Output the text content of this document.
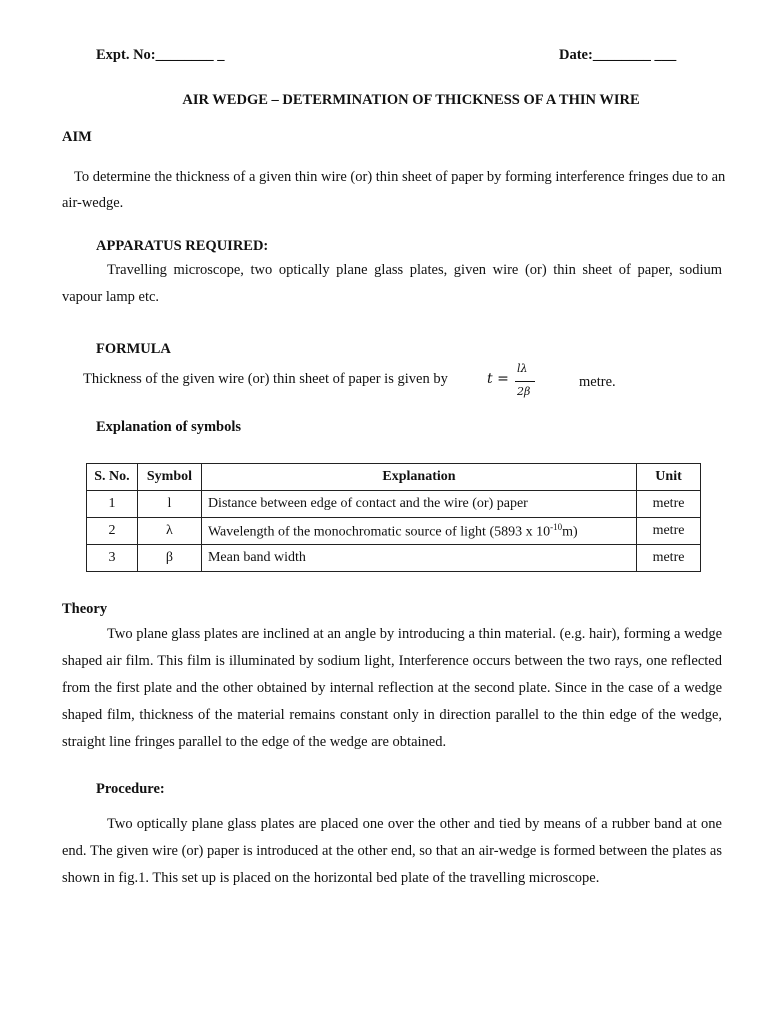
Expt. No:________ _	Date:________ ___
AIR WEDGE – DETERMINATION OF THICKNESS OF A THIN WIRE
AIM
To determine the thickness of a given thin wire (or) thin sheet of paper by forming interference fringes due to an
air-wedge.
APPARATUS REQUIRED:
Travelling microscope, two optically plane glass plates, given wire (or) thin sheet of paper, sodium vapour lamp etc.
FORMULA
Thickness of the given wire (or) thin sheet of paper is given by	t =
lλ
2β
metre.
Explanation of symbols
S. No.	Symbol	Explanation	Unit
1	l	Distance between edge of contact and the wire (or) paper	metre
2	λ	Wavelength of the monochromatic source of light (5893 x $10^{-10}m$)	metre
3	β	Mean band width	metre
Theory
Two plane glass plates are inclined at an angle by introducing a thin material. (e.g. hair), forming a wedge shaped air film. This film is illuminated by sodium light, Interference occurs between the two rays, one reflected from the first plate and the other obtained by internal reflection at the second plate. Since in the case of a wedge shaped film, thickness of the material remains constant only in direction parallel to the thin edge of the wedge, straight line fringes parallel to the edge of the wedge are obtained.
Procedure:
Two optically plane glass plates are placed one over the other and tied by means of a rubber band at one end. The given wire (or) paper is introduced at the other end, so that an air-wedge is formed between the plates as shown in fig.1. This set up is placed on the horizontal bed plate of the travelling microscope.
